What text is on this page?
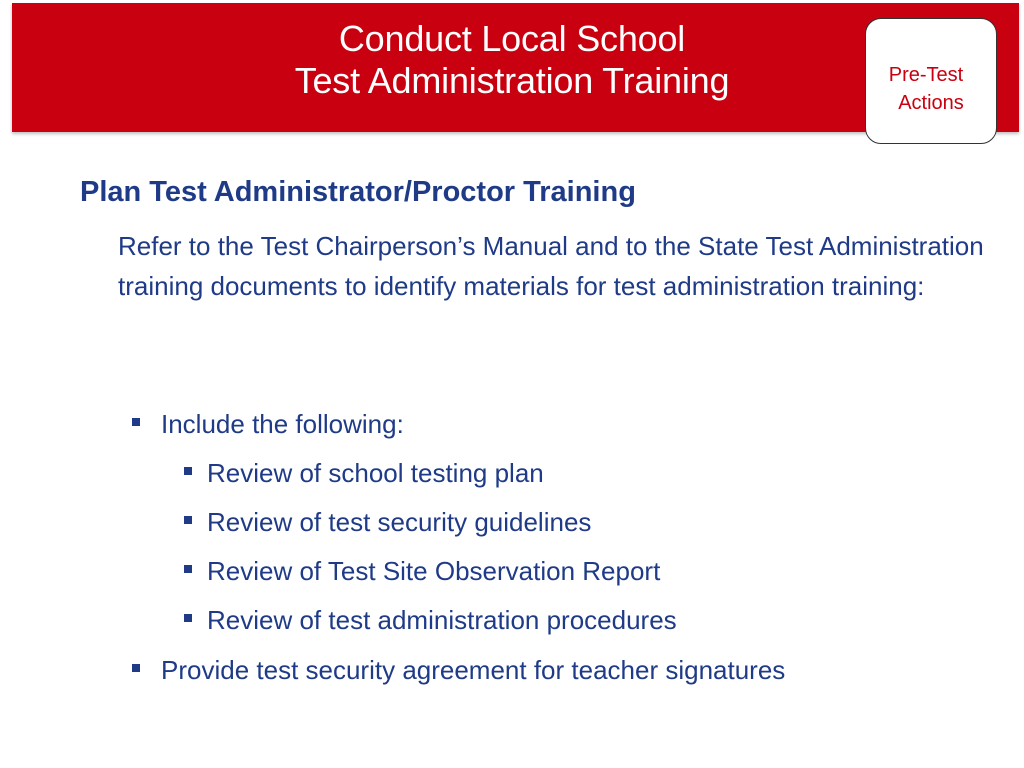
Conduct Local School
Test Administration Training	Pre-Test
Actions
Plan Test Administrator/Proctor Training
Refer to the Test Chairperson’s Manual and to the State Test Administration training documents to identify materials for test administration training:
Include the following:
Review of school testing plan
Review of test security guidelines
Review of Test Site Observation Report
Review of test administration procedures
Provide test security agreement for teacher signatures
